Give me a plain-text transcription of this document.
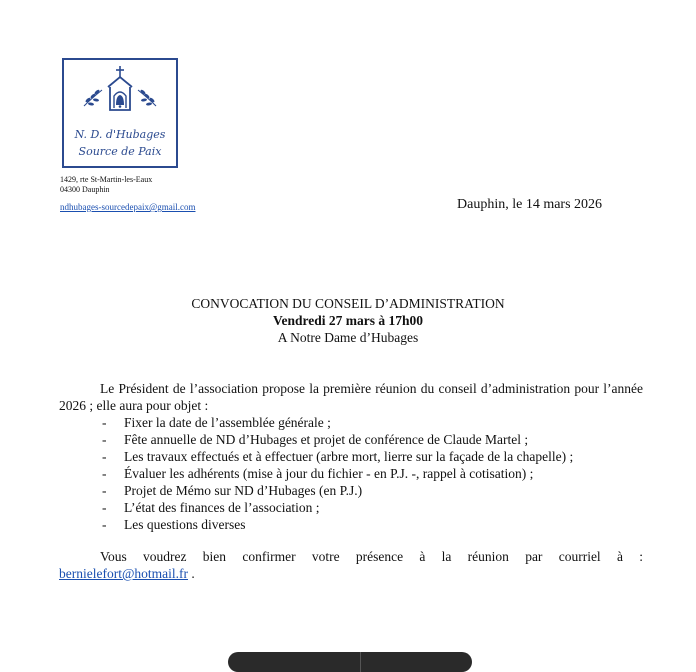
N. D. d'Hubages
Source de Paix
1429, rte St-Martin-les-Eaux
04300 Dauphin
ndhubages-sourcedepaix@gmail.com	Dauphin, le 14 mars 2026
CONVOCATION DU CONSEIL D’ADMINISTRATION
Vendredi 27 mars à 17h00
A Notre Dame d’Hubages
Le Président de l’association propose la première réunion du conseil d’administration pour l’année 2026 ; elle aura pour objet :
- Fixer la date de l’assemblée générale ;
- Fête annuelle de ND d’Hubages et projet de conférence de Claude Martel ;
- Les travaux effectués et à effectuer (arbre mort, lierre sur la façade de la chapelle) ;
- Évaluer les adhérents (mise à jour du fichier - en P.J. -, rappel à cotisation) ;
- Projet de Mémo sur ND d’Hubages (en P.J.)
- L’état des finances de l’association ;
- Les questions diverses
Vous voudrez bien confirmer votre présence à la réunion par courriel à :
bernielefort@hotmail.fr .
